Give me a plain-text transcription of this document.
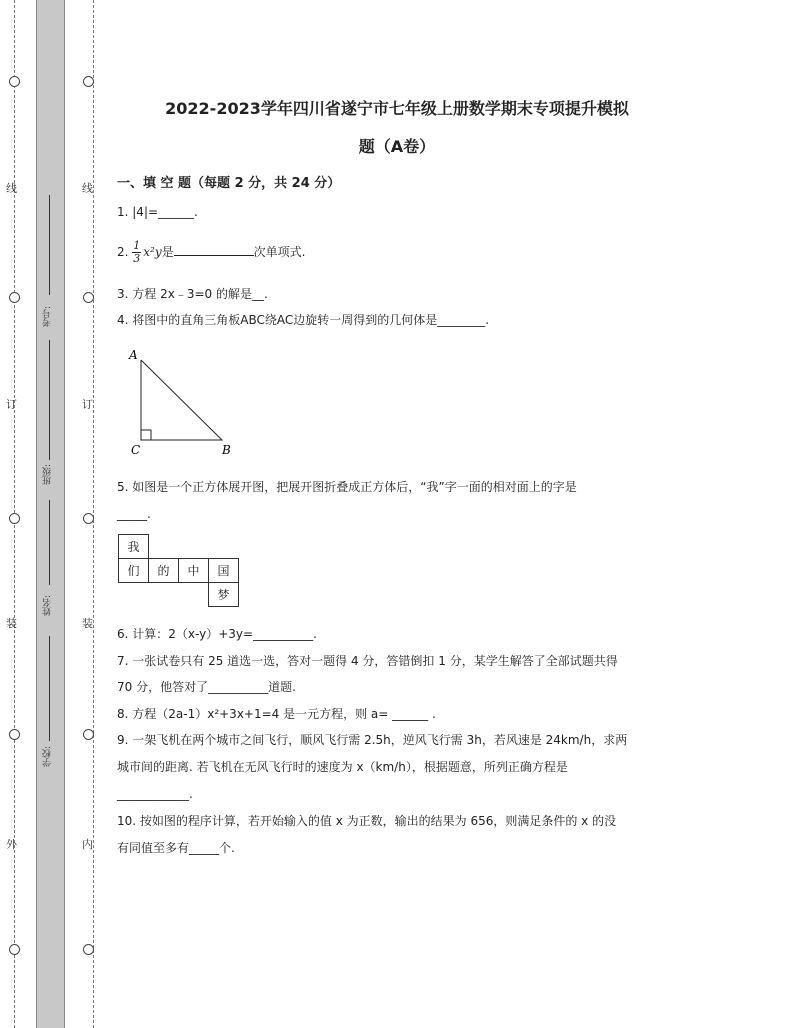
线
订
装
外
线
订
装
内
考号:
班级:
姓名:
学校:
2022-2023学年四川省遂宁市七年级上册数学期末专项提升模拟
题（A卷）
一、填 空 题（每题 2 分，共 24 分）
1. |4|=______.
2. $\frac{1}{3} x^2y$是	次单项式.
3. 方程 2x﹣3=0 的解是__.
4. 将图中的直角三角板ABC绕AC边旋转一周得到的几何体是________.
A
C	B
5. 如图是一个正方体展开图，把展开图折叠成正方体后，“我”字一面的相对面上的字是
_____.
我			
们	的	中	国
			梦
6. 计算：2（x-y）+3y=__________.
7. 一张试卷只有 25 道选一选，答对一题得 4 分，答错倒扣 1 分，某学生解答了全部试题共得
70 分，他答对了__________道题.
8. 方程（2a-1）x²+3x+1=4 是一元方程，则 a= ______ .
9. 一架飞机在两个城市之间飞行，顺风飞行需 2.5h，逆风飞行需 3h，若风速是 24km/h，求两
城市间的距离. 若飞机在无风飞行时的速度为 x（km/h），根据题意，所列正确方程是
____________.
10. 按如图的程序计算，若开始输入的值 x 为正数，输出的结果为 656，则满足条件的 x 的没
有同值至多有_____个.
